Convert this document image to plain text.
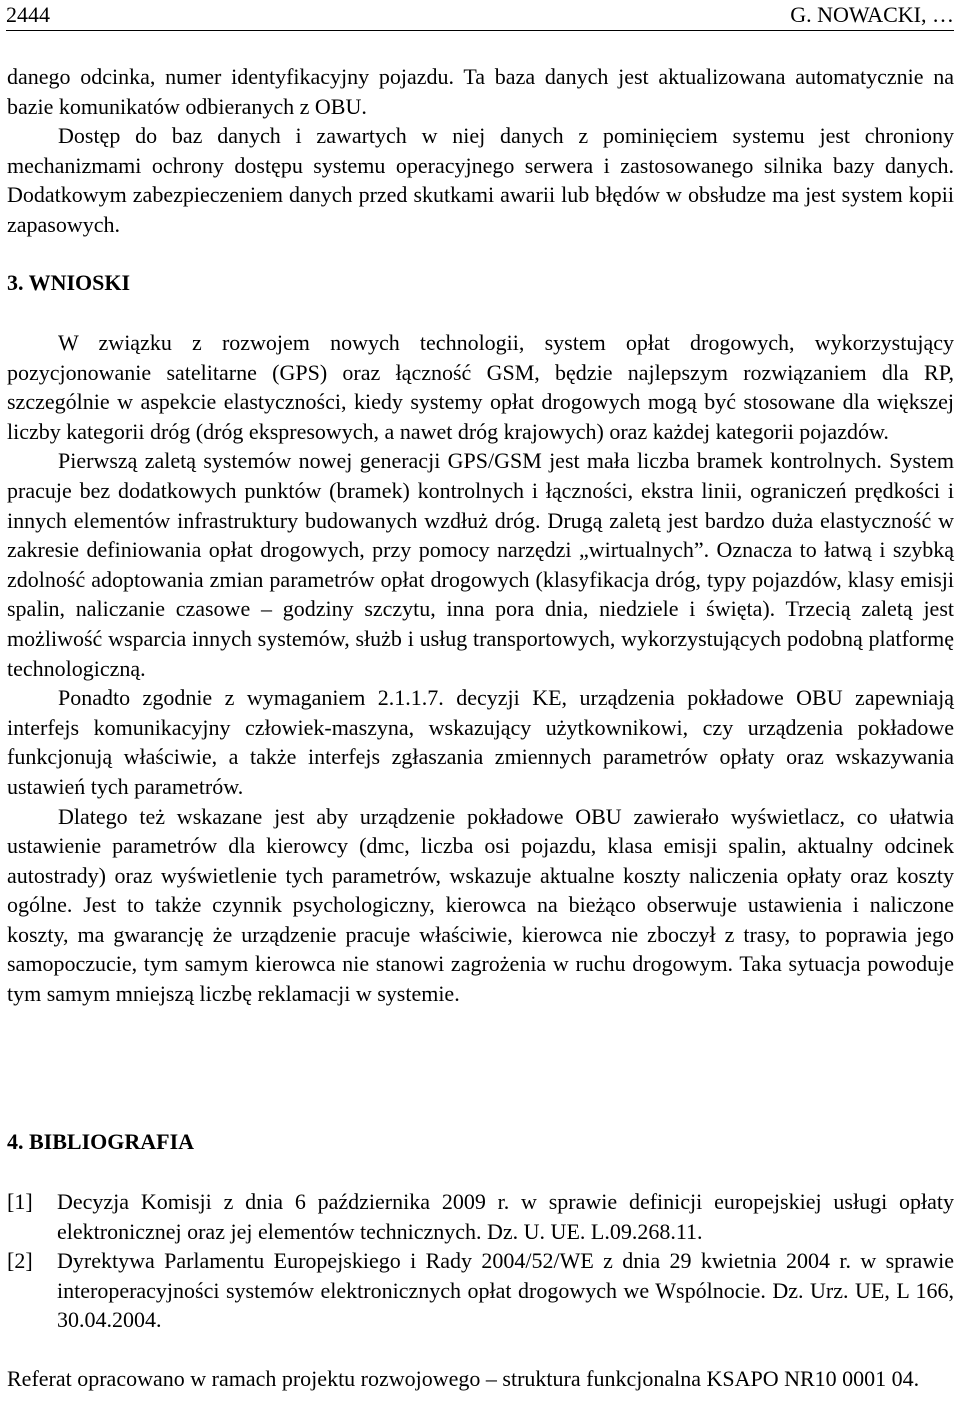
2444	G. NOWACKI, …

danego odcinka, numer identyfikacyjny pojazdu. Ta baza danych jest aktualizowana automatycznie na bazie komunikatów odbieranych z OBU.

Dostęp do baz danych i zawartych w niej danych z pominięciem systemu jest chroniony mechanizmami ochrony dostępu systemu operacyjnego serwera i zastosowanego silnika bazy danych. Dodatkowym zabezpieczeniem danych przed skutkami awarii lub błędów w obsłudze ma jest system kopii zapasowych.

3. WNIOSKI

W związku z rozwojem nowych technologii, system opłat drogowych, wykorzystujący pozycjonowanie satelitarne (GPS) oraz łączność GSM, będzie najlepszym rozwiązaniem dla RP, szczególnie w aspekcie elastyczności, kiedy systemy opłat drogowych mogą być stosowane dla większej liczby kategorii dróg (dróg ekspresowych, a nawet dróg krajowych) oraz każdej kategorii pojazdów.

Pierwszą zaletą systemów nowej generacji GPS/GSM jest mała liczba bramek kontrolnych. System pracuje bez dodatkowych punktów (bramek) kontrolnych i łączności, ekstra linii, ograniczeń prędkości i innych elementów infrastruktury budowanych wzdłuż dróg. Drugą zaletą jest bardzo duża elastyczność w zakresie definiowania opłat drogowych, przy pomocy narzędzi „wirtualnych”. Oznacza to łatwą i szybką zdolność adoptowania zmian parametrów opłat drogowych (klasyfikacja dróg, typy pojazdów, klasy emisji spalin, naliczanie czasowe – godziny szczytu, inna pora dnia, niedziele i święta). Trzecią zaletą jest możliwość wsparcia innych systemów, służb i usług transportowych, wykorzystujących podobną platformę technologiczną.

Ponadto zgodnie z wymaganiem 2.1.1.7. decyzji KE, urządzenia pokładowe OBU zapewniają interfejs komunikacyjny człowiek-maszyna, wskazujący użytkownikowi, czy urządzenia pokładowe funkcjonują właściwie, a także interfejs zgłaszania zmiennych parametrów opłaty oraz wskazywania ustawień tych parametrów.

Dlatego też wskazane jest aby urządzenie pokładowe OBU zawierało wyświetlacz, co ułatwia ustawienie parametrów dla kierowcy (dmc, liczba osi pojazdu, klasa emisji spalin, aktualny odcinek autostrady) oraz wyświetlenie tych parametrów, wskazuje aktualne koszty naliczenia opłaty oraz koszty ogólne. Jest to także czynnik psychologiczny, kierowca na bieżąco obserwuje ustawienia i naliczone koszty, ma gwarancję że urządzenie pracuje właściwie, kierowca nie zboczył z trasy, to poprawia jego samopoczucie, tym samym kierowca nie stanowi zagrożenia w ruchu drogowym. Taka sytuacja powoduje tym samym mniejszą liczbę reklamacji w systemie.

4. BIBLIOGRAFIA
[1] Decyzja Komisji z dnia 6 października 2009 r. w sprawie definicji europejskiej usługi opłaty elektronicznej oraz jej elementów technicznych. Dz. U. UE. L.09.268.11.
[2] Dyrektywa Parlamentu Europejskiego i Rady 2004/52/WE z dnia 29 kwietnia 2004 r. w sprawie interoperacyjności systemów elektronicznych opłat drogowych we Wspólnocie. Dz. Urz. UE, L 166, 30.04.2004.
Referat opracowano w ramach projektu rozwojowego – struktura funkcjonalna KSAPO NR10 0001 04.
